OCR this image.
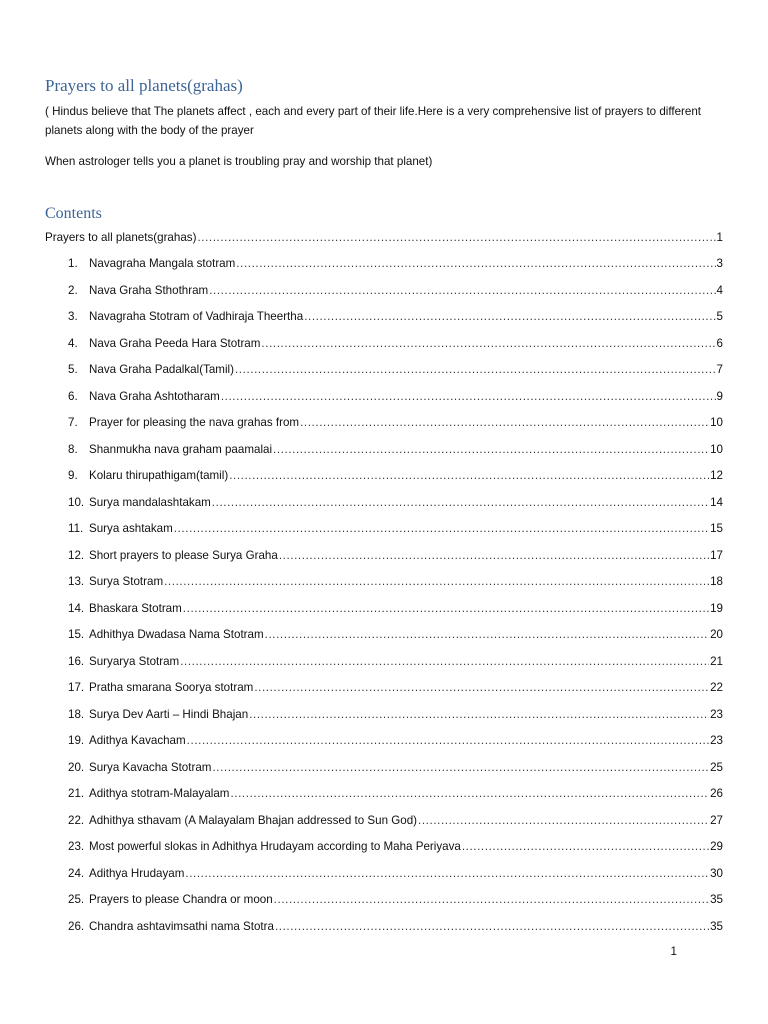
Prayers to all planets(grahas)

( Hindus believe that The planets affect , each and every part of their life.Here is a very comprehensive list of prayers to different planets along with the body of the prayer

When astrologer tells you a planet is troubling pray and worship that planet)

Contents
Prayers to all planets(grahas) .....	1
1. Navagraha Mangala stotram .....	3
2. Nava Graha Sthothram .....	4
3. Navagraha Stotram of Vadhiraja Theertha .....	5
4. Nava Graha Peeda Hara Stotram .....	6
5. Nava Graha Padalkal(Tamil) .....	7
6. Nava Graha Ashtotharam .....	9
7. Prayer for pleasing the nava grahas from .....	10
8. Shanmukha nava graham paamalai .....	10
9. Kolaru thirupathigam(tamil) .....	12
10. Surya mandalashtakam .....	14
11. Surya ashtakam .....	15
12. Short prayers to please Surya Graha .....	17
13. Surya Stotram .....	18
14. Bhaskara Stotram .....	19
15. Adhithya Dwadasa Nama Stotram .....	20
16. Suryarya Stotram .....	21
17. Pratha smarana Soorya stotram .....	22
18. Surya Dev Aarti – Hindi Bhajan .....	23
19. Adithya Kavacham .....	23
20. Surya Kavacha Stotram .....	25
21. Adithya stotram-Malayalam .....	26
22. Adhithya sthavam (A Malayalam Bhajan addressed to Sun God) .....	27
23. Most powerful slokas in Adhithya Hrudayam according to Maha Periyava .....	29
24. Adithya Hrudayam .....	30
25. Prayers to please Chandra or moon .....	35
26. Chandra ashtavimsathi nama Stotra .....	35
1
